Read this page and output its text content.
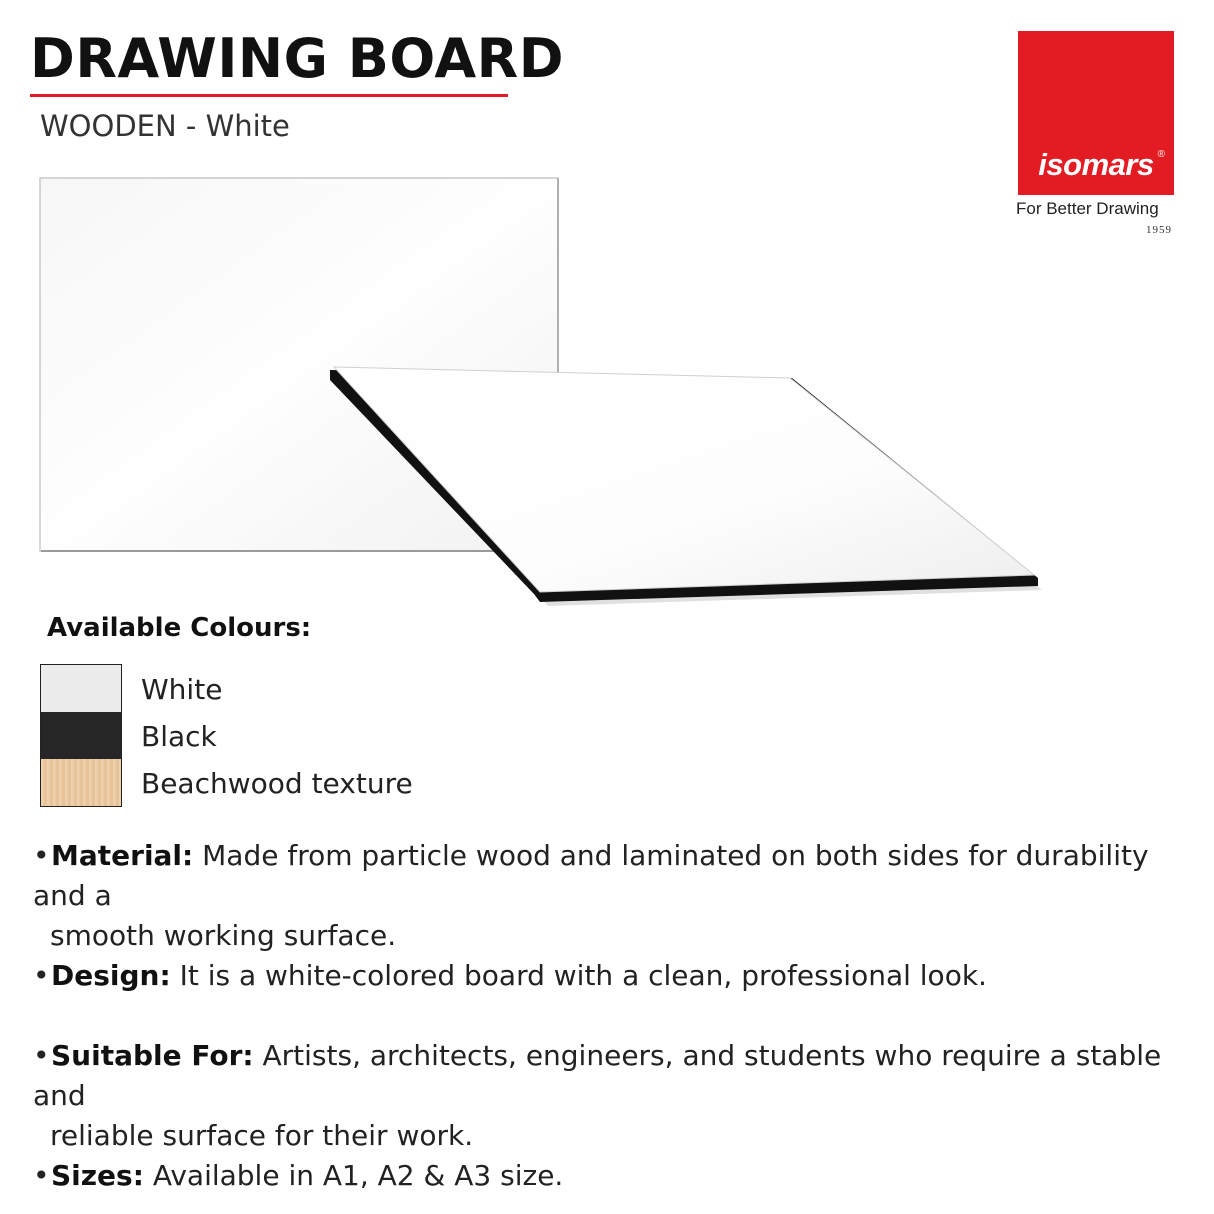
DRAWING BOARD
WOODEN - White
isomars ®
For Better Drawing
1959
Available Colours:
White
Black
Beachwood texture
•Material: Made from particle wood and laminated on both sides for durability and a
smooth working surface.
•Design: It is a white-colored board with a clean, professional look.
•Suitable For: Artists, architects, engineers, and students who require a stable and
reliable surface for their work.
•Sizes: Available in A1, A2 & A3 size.
